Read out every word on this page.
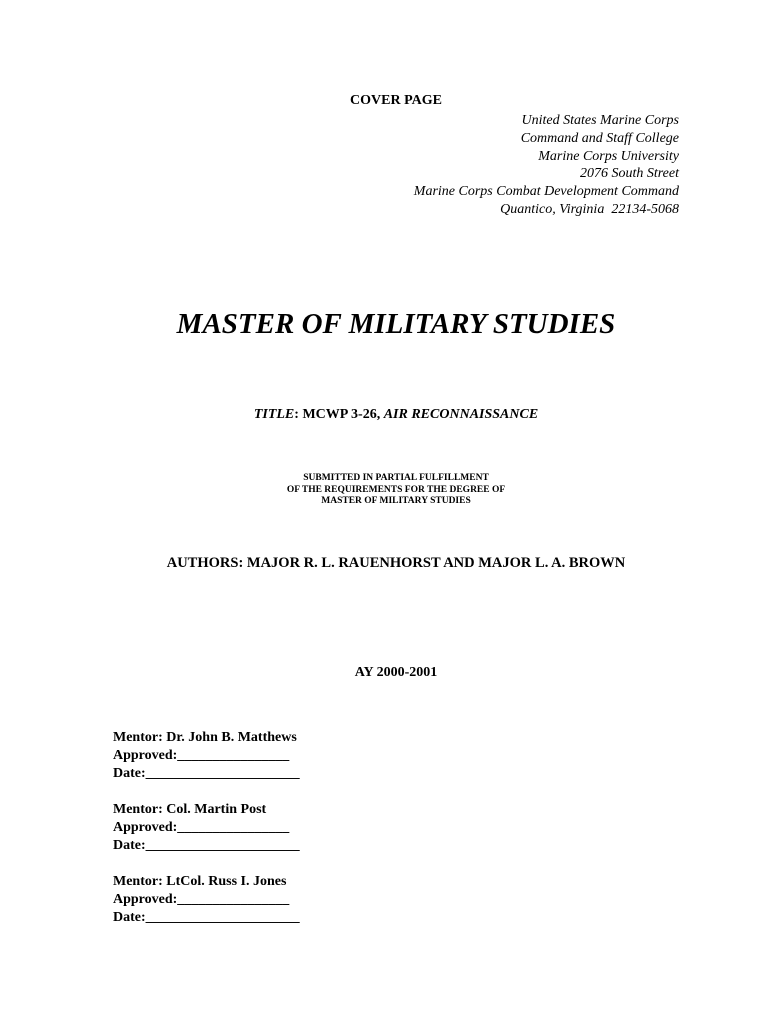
COVER PAGE
United States Marine Corps
Command and Staff College
Marine Corps University
2076 South Street
Marine Corps Combat Development Command
Quantico, Virginia  22134-5068
MASTER OF MILITARY STUDIES
TITLE: MCWP 3-26, AIR RECONNAISSANCE
SUBMITTED IN PARTIAL FULFILLMENT
OF THE REQUIREMENTS FOR THE DEGREE OF
MASTER OF MILITARY STUDIES
AUTHORS: MAJOR R. L. RAUENHORST AND MAJOR L. A. BROWN
AY 2000-2001
Mentor: Dr. John B. Matthews
Approved:________________
Date:______________________
Mentor: Col. Martin Post
Approved:________________
Date:______________________
Mentor: LtCol. Russ I. Jones
Approved:________________
Date:______________________
